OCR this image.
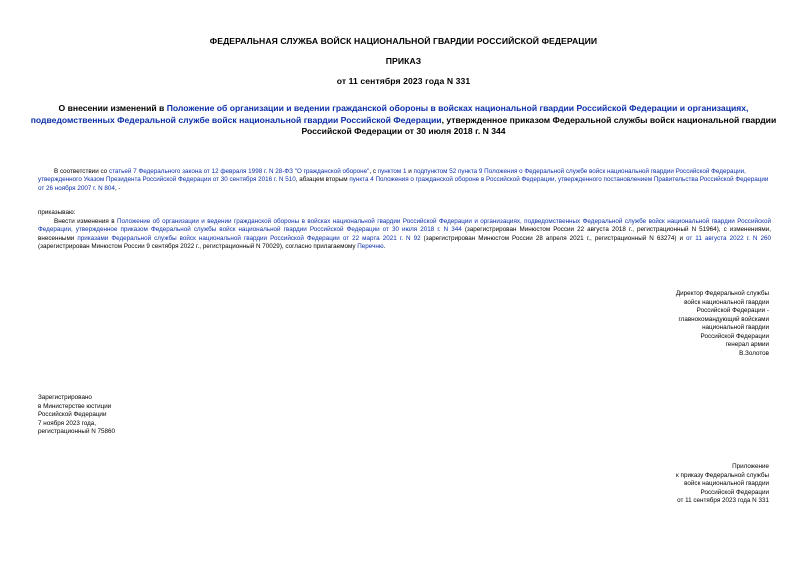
ФЕДЕРАЛЬНАЯ СЛУЖБА ВОЙСК НАЦИОНАЛЬНОЙ ГВАРДИИ РОССИЙСКОЙ ФЕДЕРАЦИИ
ПРИКАЗ
от 11 сентября 2023 года N 331
О внесении изменений в Положение об организации и ведении гражданской обороны в войсках национальной гвардии Российской Федерации и организациях, подведомственных Федеральной службе войск национальной гвардии Российской Федерации, утвержденное приказом Федеральной службы войск национальной гвардии Российской Федерации от 30 июля 2018 г. N 344
В соответствии со статьей 7 Федерального закона от 12 февраля 1998 г. N 28-ФЗ "О гражданской обороне", с пунктом 1 и подпунктом 52 пункта 9 Положения о Федеральной службе войск национальной гвардии Российской Федерации, утвержденного Указом Президента Российской Федерации от 30 сентября 2016 г. N 510, абзацем вторым пункта 4 Положения о гражданской обороне в Российской Федерации, утвержденного постановлением Правительства Российской Федерации от 26 ноября 2007 г. N 804, -
приказываю:
Внести изменения в Положение об организации и ведении гражданской обороны в войсках национальной гвардии Российской Федерации и организациях, подведомственных Федеральной службе войск национальной гвардии Российской Федерации, утвержденное приказом Федеральной службы войск национальной гвардии Российской Федерации от 30 июля 2018 г. N 344 (зарегистрирован Минюстом России 22 августа 2018 г., регистрационный N 51964), с изменениями, внесенными приказами Федеральной службы войск национальной гвардии Российской Федерации от 22 марта 2021 г. N 92 (зарегистрирован Минюстом России 28 апреля 2021 г., регистрационный N 63274) и от 11 августа 2022 г. N 260 (зарегистрирован Минюстом России 9 сентября 2022 г., регистрационный N 70029), согласно прилагаемому Перечню.
Директор Федеральной службы
войск национальной гвардии
Российской Федерации -
главнокомандующий войсками
национальной гвардии
Российской Федерации
генерал армии
В.Золотов
Зарегистрировано
в Министерстве юстиции
Российской Федерации
7 ноября 2023 года,
регистрационный N 75860
Приложение
к приказу Федеральной службы
войск национальной гвардии
Российской Федерации
от 11 сентября 2023 года N 331
